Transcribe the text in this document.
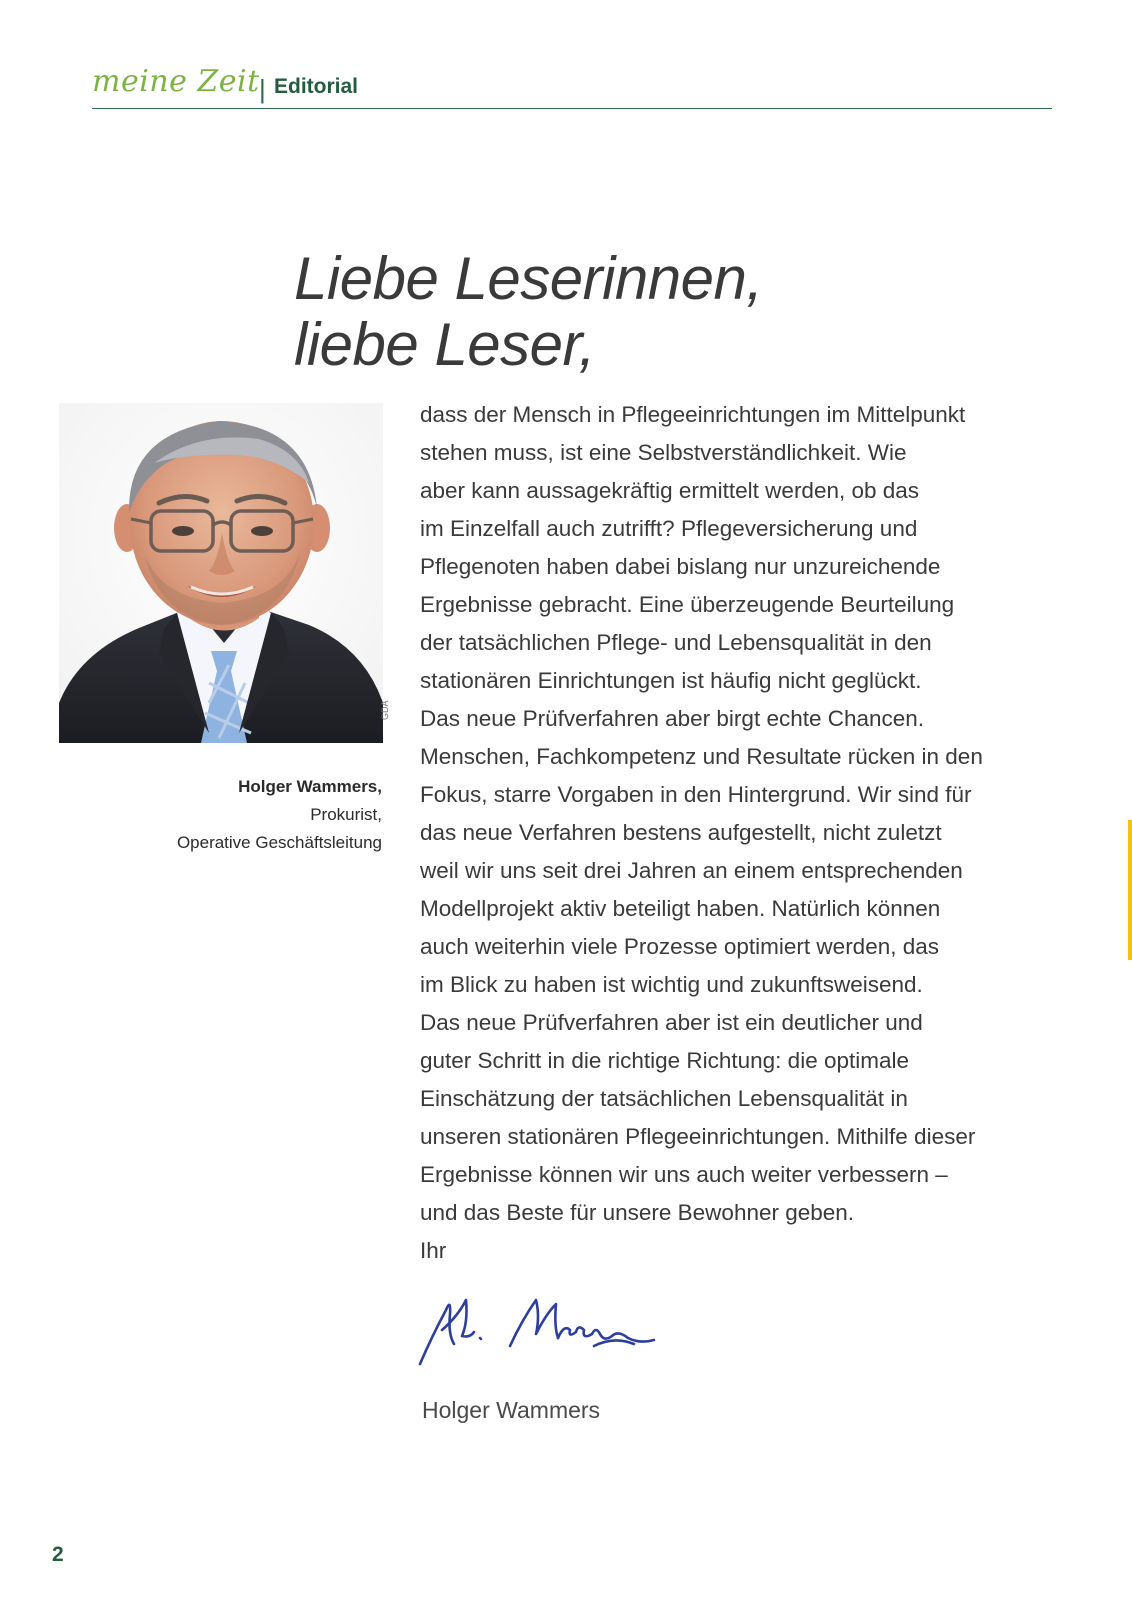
meine Zeit | Editorial
Liebe Leserinnen,
liebe Leser,
GDA
Holger Wammers,
Prokurist,
Operative Geschäftsleitung
dass der Mensch in Pflegeeinrichtungen im Mittelpunkt
stehen muss, ist eine Selbstverständlichkeit. Wie
aber kann aussagekräftig ermittelt werden, ob das
im Einzelfall auch zutrifft? Pflegeversicherung und
Pflegenoten haben dabei bislang nur unzureichende
Ergebnisse gebracht. Eine überzeugende Beurteilung
der tatsächlichen Pflege- und Lebensqualität in den
stationären Einrichtungen ist häufig nicht geglückt.
Das neue Prüfverfahren aber birgt echte Chancen.
Menschen, Fachkompetenz und Resultate rücken in den
Fokus, starre Vorgaben in den Hintergrund. Wir sind für
das neue Verfahren bestens aufgestellt, nicht zuletzt
weil wir uns seit drei Jahren an einem entsprechenden
Modellprojekt aktiv beteiligt haben. Natürlich können
auch weiterhin viele Prozesse optimiert werden, das
im Blick zu haben ist wichtig und zukunftsweisend.
Das neue Prüfverfahren aber ist ein deutlicher und
guter Schritt in die richtige Richtung: die optimale
Einschätzung der tatsächlichen Lebensqualität in
unseren stationären Pflegeeinrichtungen. Mithilfe dieser
Ergebnisse können wir uns auch weiter verbessern –
und das Beste für unsere Bewohner geben.
Ihr
Holger Wammers
2
